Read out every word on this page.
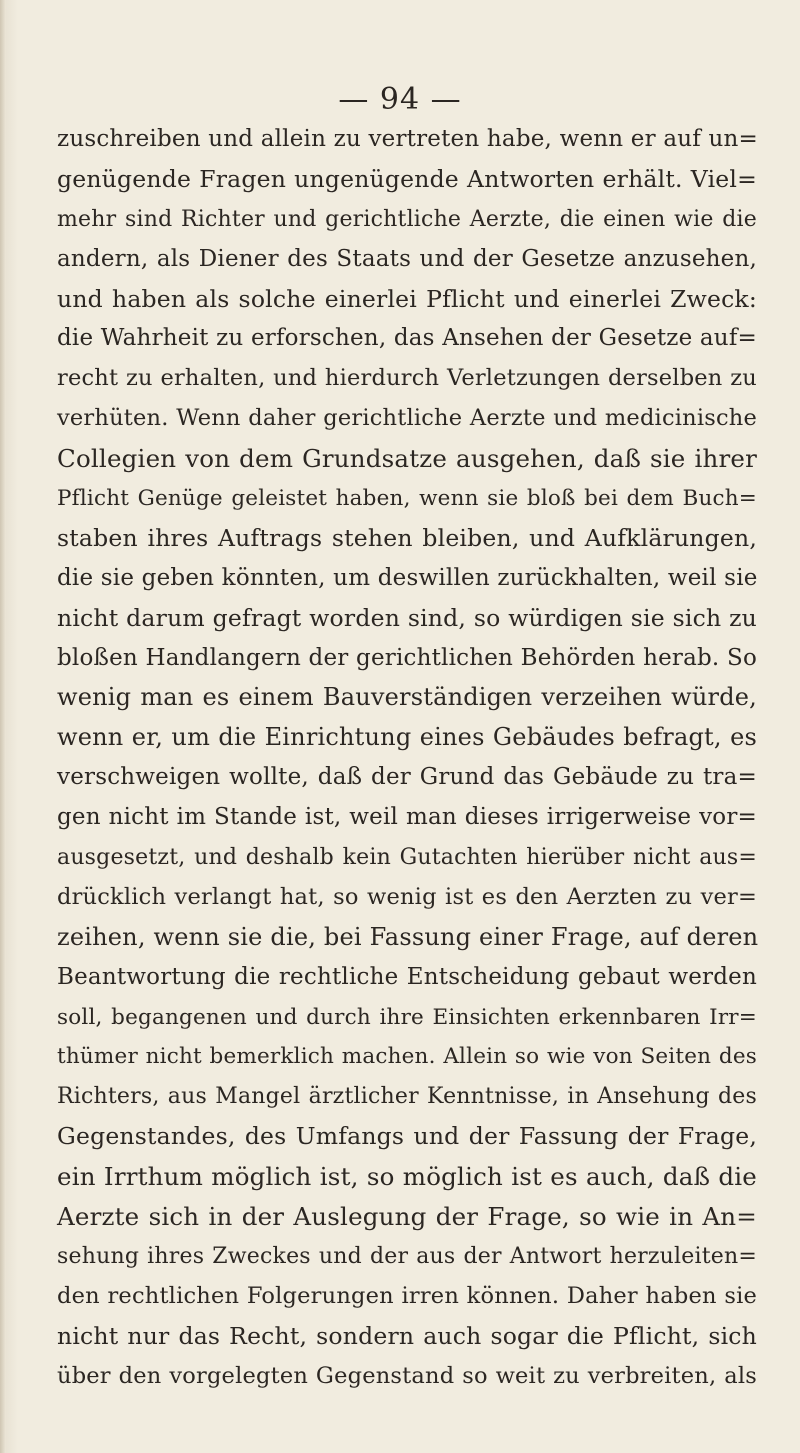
— 94 —
zuschreiben und allein zu vertreten habe, wenn er auf un=
genügende Fragen ungenügende Antworten erhält. Viel=
mehr sind Richter und gerichtliche Aerzte, die einen wie die
andern, als Diener des Staats und der Gesetze anzusehen,
und haben als solche einerlei Pflicht und einerlei Zweck:
die Wahrheit zu erforschen, das Ansehen der Gesetze auf=
recht zu erhalten, und hierdurch Verletzungen derselben zu
verhüten. Wenn daher gerichtliche Aerzte und medicinische
Collegien von dem Grundsatze ausgehen, daß sie ihrer
Pflicht Genüge geleistet haben, wenn sie bloß bei dem Buch=
staben ihres Auftrags stehen bleiben, und Aufklärungen,
die sie geben könnten, um deswillen zurückhalten, weil sie
nicht darum gefragt worden sind, so würdigen sie sich zu
bloßen Handlangern der gerichtlichen Behörden herab. So
wenig man es einem Bauverständigen verzeihen würde,
wenn er, um die Einrichtung eines Gebäudes befragt, es
verschweigen wollte, daß der Grund das Gebäude zu tra=
gen nicht im Stande ist, weil man dieses irrigerweise vor=
ausgesetzt, und deshalb kein Gutachten hierüber nicht aus=
drücklich verlangt hat, so wenig ist es den Aerzten zu ver=
zeihen, wenn sie die, bei Fassung einer Frage, auf deren
Beantwortung die rechtliche Entscheidung gebaut werden
soll, begangenen und durch ihre Einsichten erkennbaren Irr=
thümer nicht bemerklich machen. Allein so wie von Seiten des
Richters, aus Mangel ärztlicher Kenntnisse, in Ansehung des
Gegenstandes, des Umfangs und der Fassung der Frage,
ein Irrthum möglich ist, so möglich ist es auch, daß die
Aerzte sich in der Auslegung der Frage, so wie in An=
sehung ihres Zweckes und der aus der Antwort herzuleiten=
den rechtlichen Folgerungen irren können. Daher haben sie
nicht nur das Recht, sondern auch sogar die Pflicht, sich
über den vorgelegten Gegenstand so weit zu verbreiten, als
